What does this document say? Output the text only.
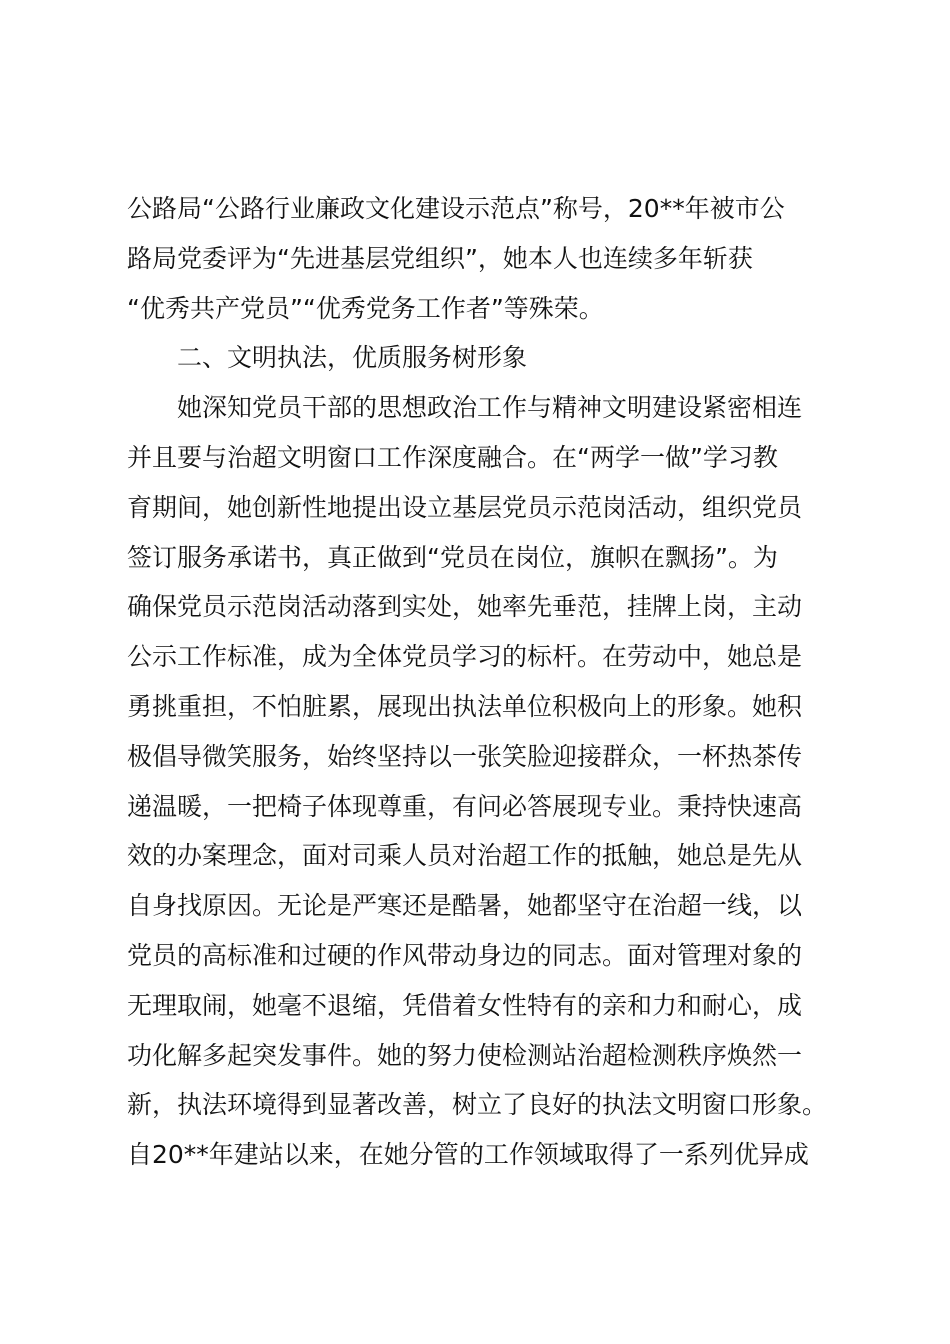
公路局“公路行业廉政文化建设示范点”称号，20**年被市公
路局党委评为“先进基层党组织”，她本人也连续多年斩获
“优秀共产党员”“优秀党务工作者”等殊荣。
二、文明执法，优质服务树形象
她深知党员干部的思想政治工作与精神文明建设紧密相连
并且要与治超文明窗口工作深度融合。在“两学一做”学习教
育期间，她创新性地提出设立基层党员示范岗活动，组织党员
签订服务承诺书，真正做到“党员在岗位，旗帜在飘扬”。为
确保党员示范岗活动落到实处，她率先垂范，挂牌上岗，主动
公示工作标准，成为全体党员学习的标杆。在劳动中，她总是
勇挑重担，不怕脏累，展现出执法单位积极向上的形象。她积
极倡导微笑服务，始终坚持以一张笑脸迎接群众，一杯热茶传
递温暖，一把椅子体现尊重，有问必答展现专业。秉持快速高
效的办案理念，面对司乘人员对治超工作的抵触，她总是先从
自身找原因。无论是严寒还是酷暑，她都坚守在治超一线，以
党员的高标准和过硬的作风带动身边的同志。面对管理对象的
无理取闹，她毫不退缩，凭借着女性特有的亲和力和耐心，成
功化解多起突发事件。她的努力使检测站治超检测秩序焕然一
新，执法环境得到显著改善，树立了良好的执法文明窗口形象。
自20**年建站以来，在她分管的工作领域取得了一系列优异成
